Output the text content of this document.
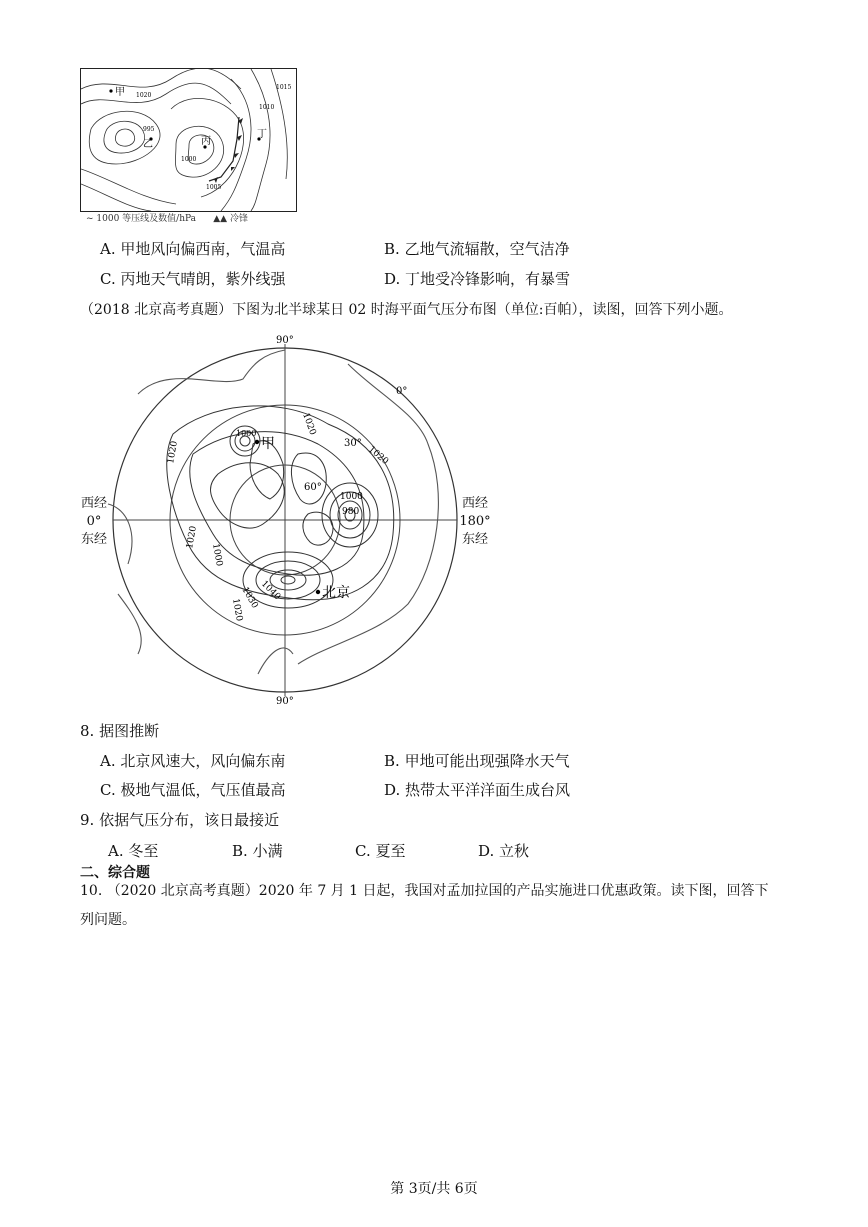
甲
乙	丙
丁
1020
995
1000
1010
1015
1005
~ 1000 等压线及数值/hPa ▲▲ 冷锋
A. 甲地风向偏西南，气温高	B. 乙地气流辐散，空气洁净
C. 丙地天气晴朗，紫外线强	D. 丁地受冷锋影响，有暴雪
（2018 北京高考真题）下图为北半球某日 02 时海平面气压分布图（单位:百帕），读图，回答下列小题。
90°
90°
0°
30°
60°
1020
1020	1020
1020
1000
1000
980
1040
1030
1020
1000
甲
北京
西经
0°
东经
西经
180°
东经
8. 据图推断
A. 北京风速大，风向偏东南	B. 甲地可能出现强降水天气
C. 极地气温低，气压值最高	D. 热带太平洋洋面生成台风
9. 依据气压分布，该日最接近
A. 冬至	B. 小满	C. 夏至	D. 立秋
二、综合题
10. （2020 北京高考真题）2020 年 7 月 1 日起，我国对孟加拉国的产品实施进口优惠政策。读下图，回答下
列问题。
第 3页/共 6页
